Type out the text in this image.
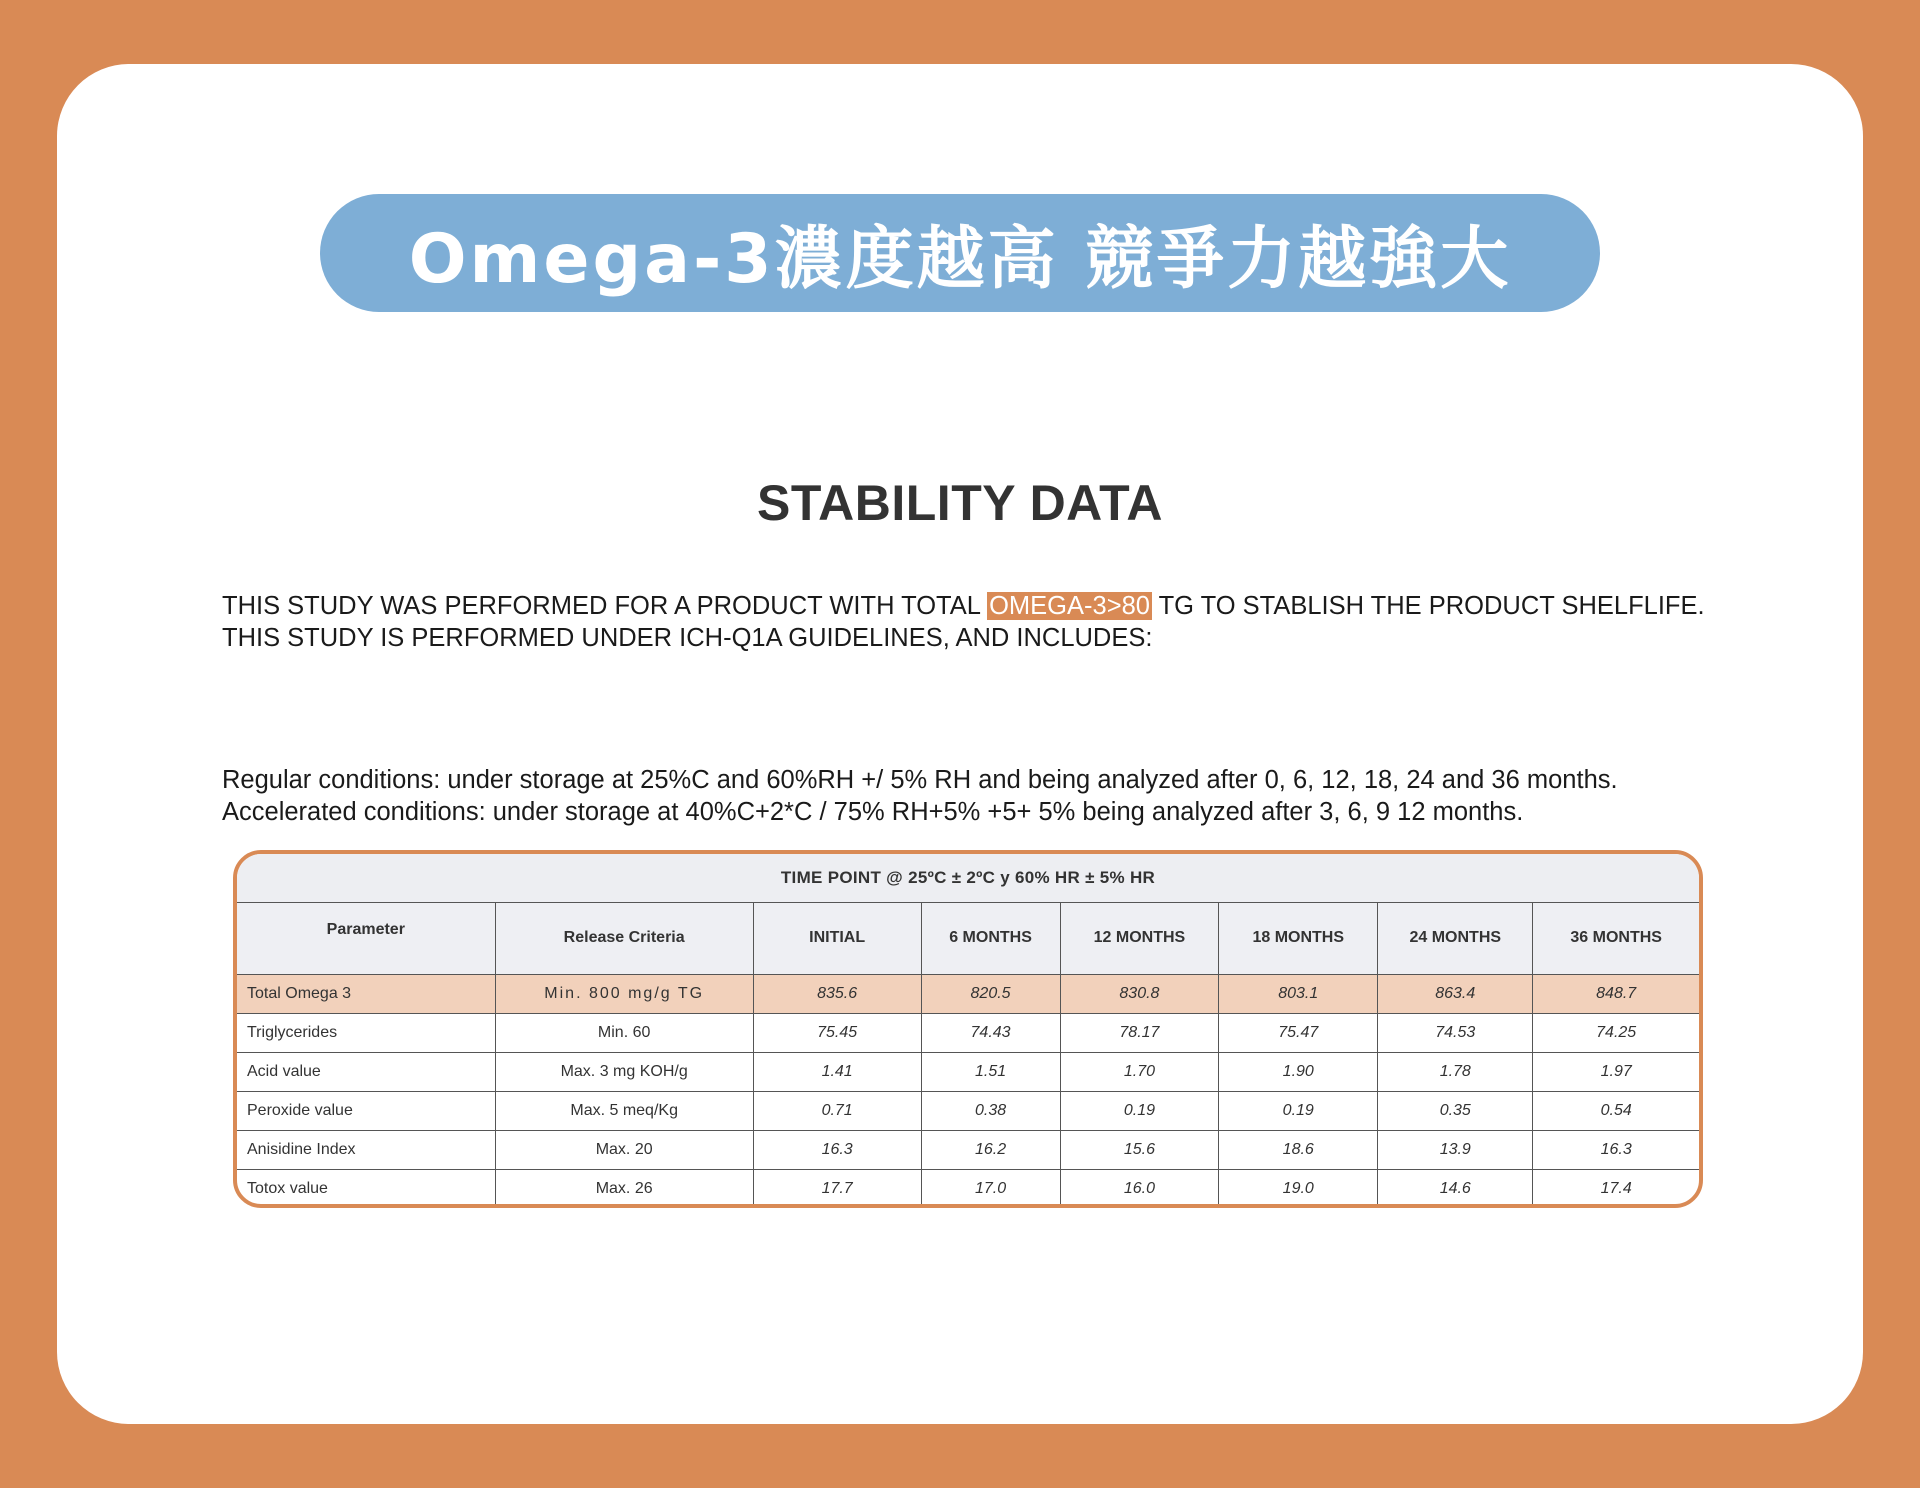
Omega-3濃度越高 競爭力越強大
STABILITY DATA
THIS STUDY WAS PERFORMED FOR A PRODUCT WITH TOTAL OMEGA-3>80 TG TO STABLISH THE PRODUCT SHELFLIFE.
THIS STUDY IS PERFORMED UNDER ICH-Q1A GUIDELINES, AND INCLUDES:
Regular conditions: under storage at 25%C and 60%RH +/ 5% RH and being analyzed after 0, 6, 12, 18, 24 and 36 months.
Accelerated conditions: under storage at 40%C+2*C / 75% RH+5% +5+ 5% being analyzed after 3, 6, 9 12 months.
TIME POINT @ 25ºC ± 2ºC y 60% HR ± 5% HR							
Parameter	Release Criteria	INITIAL	6 MONTHS	12 MONTHS	18 MONTHS	24 MONTHS	36 MONTHS
Total Omega 3	Min. 800 mg/g TG	835.6	820.5	830.8	803.1	863.4	848.7
Triglycerides	Min. 60	75.45	74.43	78.17	75.47	74.53	74.25
Acid value	Max. 3 mg KOH/g	1.41	1.51	1.70	1.90	1.78	1.97
Peroxide value	Max. 5 meq/Kg	0.71	0.38	0.19	0.19	0.35	0.54
Anisidine Index	Max. 20	16.3	16.2	15.6	18.6	13.9	16.3
Totox value	Max. 26	17.7	17.0	16.0	19.0	14.6	17.4
